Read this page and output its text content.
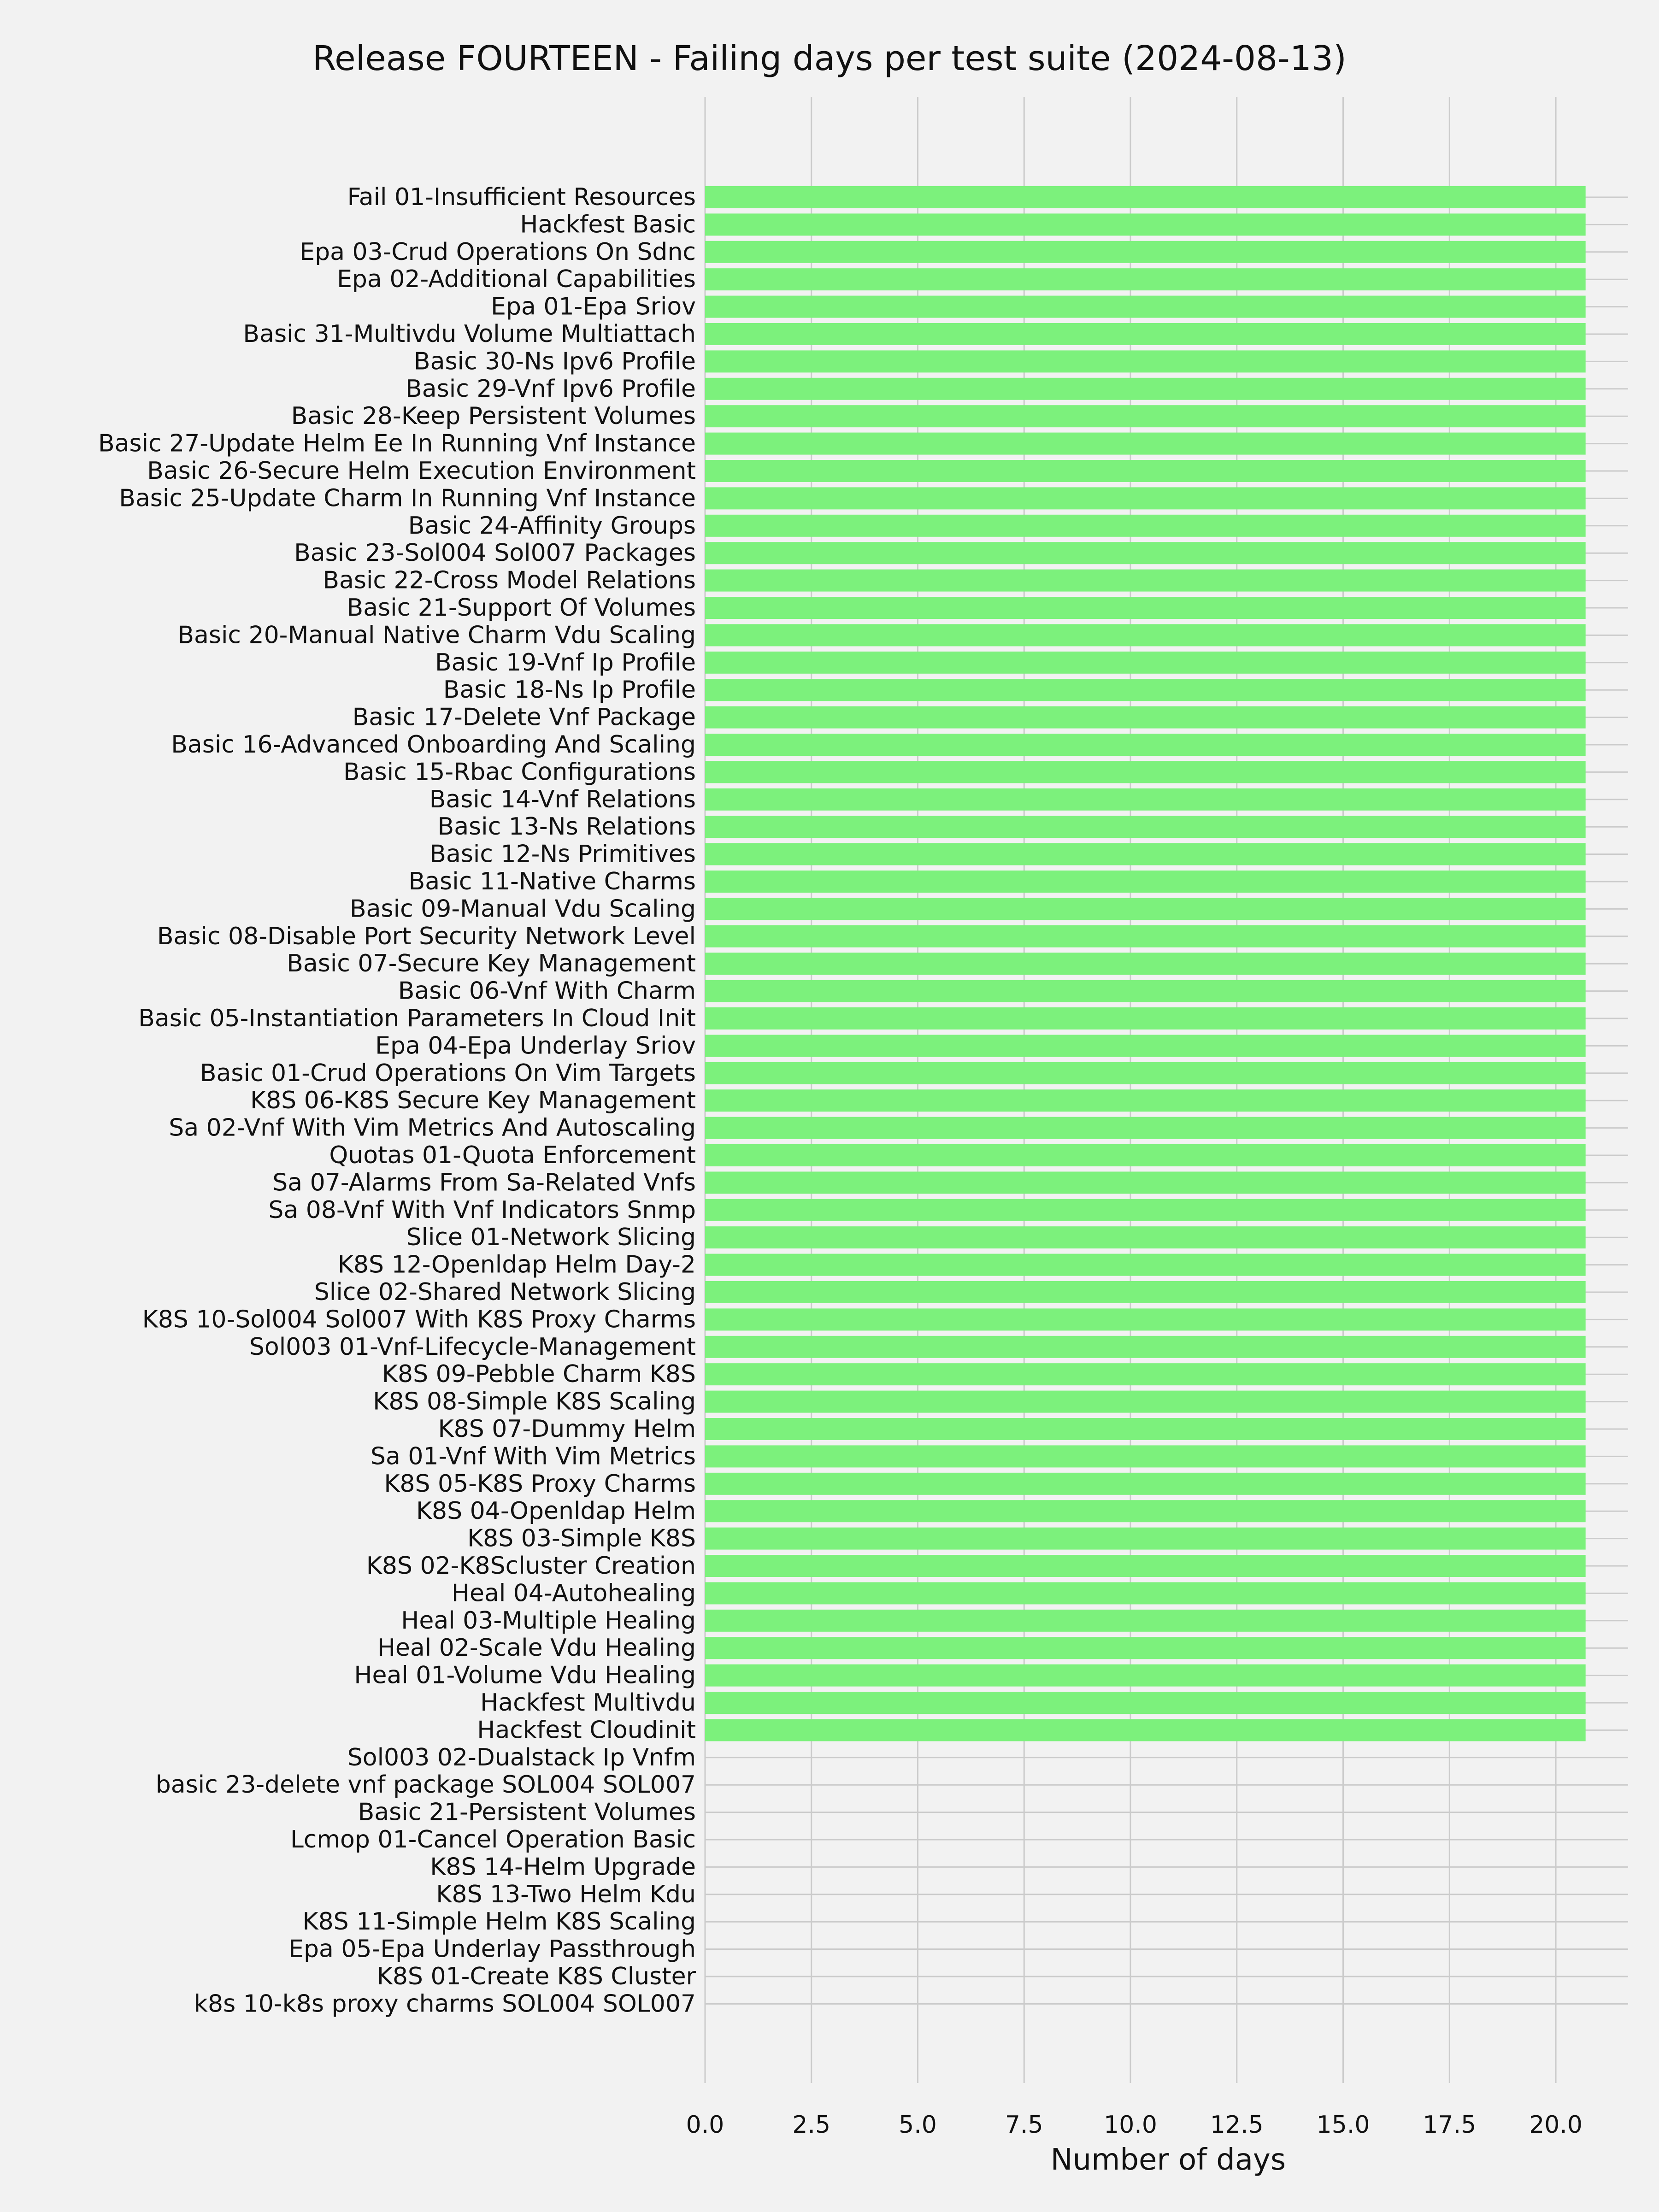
Fail 01-Insufficient Resources
Hackfest Basic
Epa 03-Crud Operations On Sdnc
Epa 02-Additional Capabilities
Epa 01-Epa Sriov
Basic 31-Multivdu Volume Multiattach
Basic 30-Ns Ipv6 Profile
Basic 29-Vnf Ipv6 Profile
Basic 28-Keep Persistent Volumes
Basic 27-Update Helm Ee In Running Vnf Instance
Basic 26-Secure Helm Execution Environment
Basic 25-Update Charm In Running Vnf Instance
Basic 24-Affinity Groups
Basic 23-Sol004 Sol007 Packages
Basic 22-Cross Model Relations
Basic 21-Support Of Volumes
Basic 20-Manual Native Charm Vdu Scaling
Basic 19-Vnf Ip Profile
Basic 18-Ns Ip Profile
Basic 17-Delete Vnf Package
Basic 16-Advanced Onboarding And Scaling
Basic 15-Rbac Configurations
Basic 14-Vnf Relations
Basic 13-Ns Relations
Basic 12-Ns Primitives
Basic 11-Native Charms
Basic 09-Manual Vdu Scaling
Basic 08-Disable Port Security Network Level
Basic 07-Secure Key Management
Basic 06-Vnf With Charm
Basic 05-Instantiation Parameters In Cloud Init
Epa 04-Epa Underlay Sriov
Basic 01-Crud Operations On Vim Targets
K8S 06-K8S Secure Key Management
Sa 02-Vnf With Vim Metrics And Autoscaling
Quotas 01-Quota Enforcement
Sa 07-Alarms From Sa-Related Vnfs
Sa 08-Vnf With Vnf Indicators Snmp
Slice 01-Network Slicing
K8S 12-Openldap Helm Day-2
Slice 02-Shared Network Slicing
K8S 10-Sol004 Sol007 With K8S Proxy Charms
Sol003 01-Vnf-Lifecycle-Management
K8S 09-Pebble Charm K8S
K8S 08-Simple K8S Scaling
K8S 07-Dummy Helm
Sa 01-Vnf With Vim Metrics
K8S 05-K8S Proxy Charms
K8S 04-Openldap Helm
K8S 03-Simple K8S
K8S 02-K8Scluster Creation
Heal 04-Autohealing
Heal 03-Multiple Healing
Heal 02-Scale Vdu Healing
Heal 01-Volume Vdu Healing
Hackfest Multivdu
Hackfest Cloudinit
Sol003 02-Dualstack Ip Vnfm
basic 23-delete vnf package SOL004 SOL007
Basic 21-Persistent Volumes
Lcmop 01-Cancel Operation Basic
K8S 14-Helm Upgrade
K8S 13-Two Helm Kdu
K8S 11-Simple Helm K8S Scaling
Epa 05-Epa Underlay Passthrough
K8S 01-Create K8S Cluster
k8s 10-k8s proxy charms SOL004 SOL007
0.0	2.5	5.0	7.5	10.0 12.5 15.0 17.5 20.0
Release FOURTEEN - Failing days per test suite (2024-08-13)
Number of days
